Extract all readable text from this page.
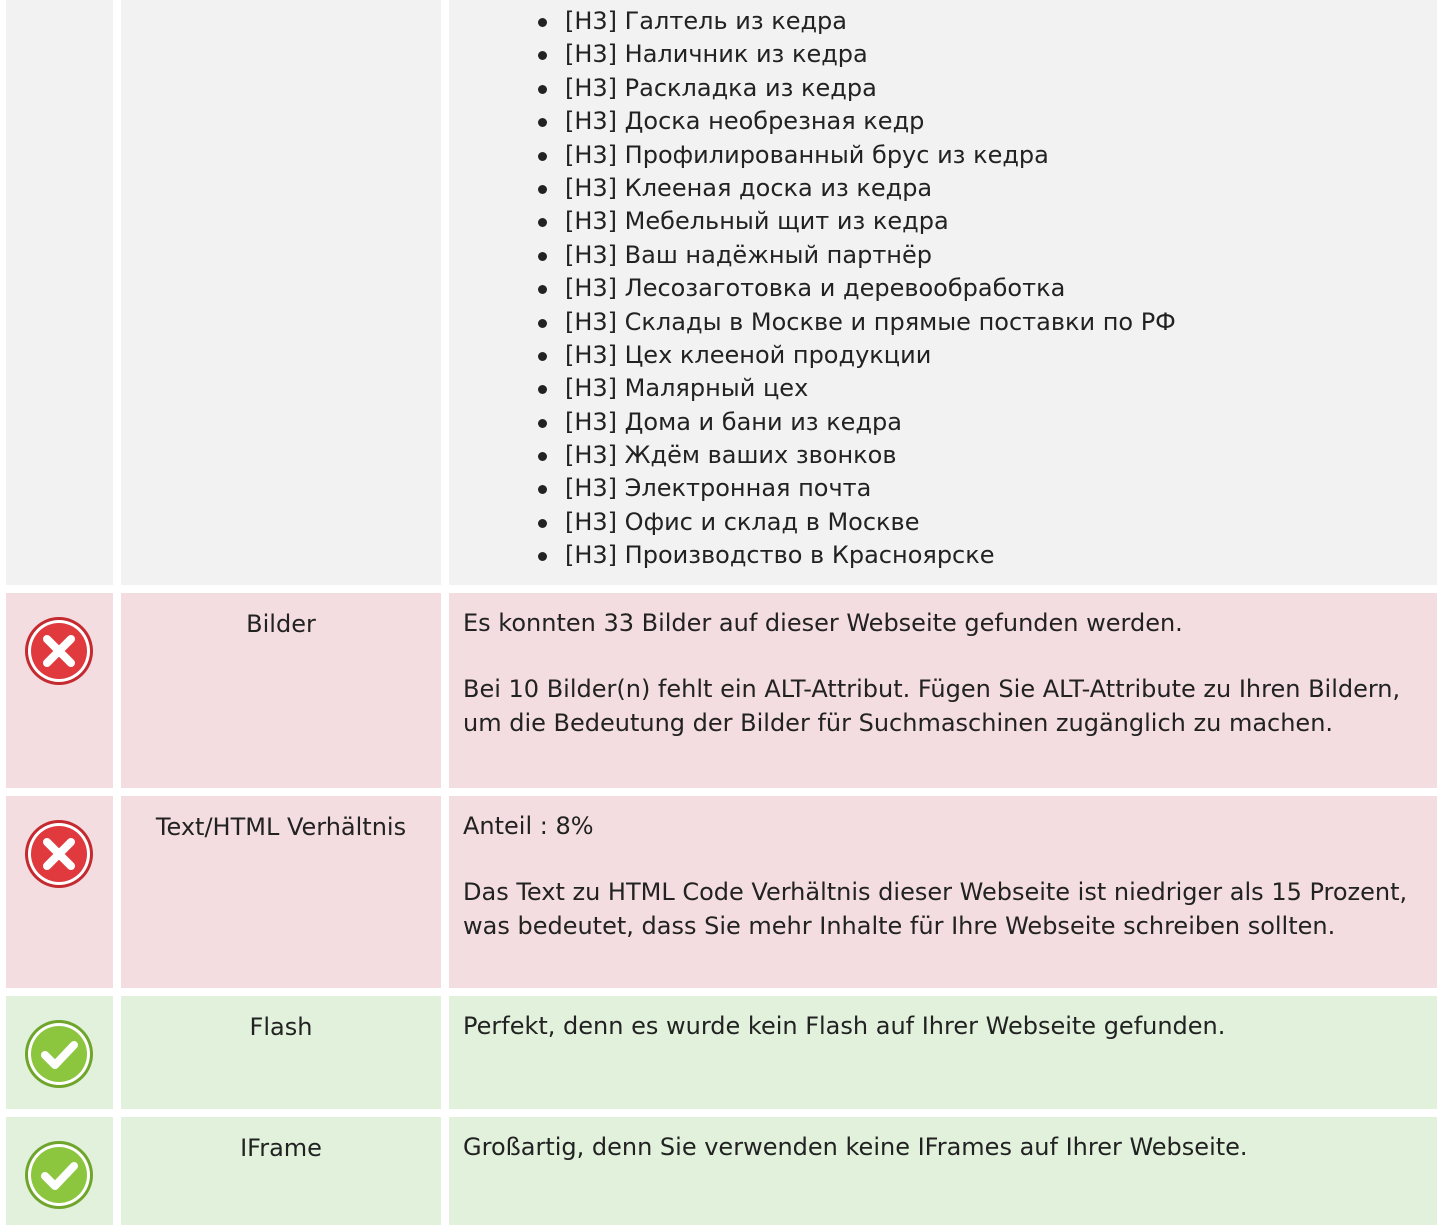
[H3] Галтель из кедра
[H3] Наличник из кедра
[H3] Раскладка из кедра
[H3] Доска необрезная кедр
[H3] Профилированный брус из кедра
[H3] Клееная доска из кедра
[H3] Мебельный щит из кедра
[H3] Ваш надёжный партнёр
[H3] Лесозаготовка и деревообработка
[H3] Склады в Москве и прямые поставки по РФ
[H3] Цех клееной продукции
[H3] Малярный цех
[H3] Дома и бани из кедра
[H3] Ждём ваших звонков
[H3] Электронная почта
[H3] Офис и склад в Москве
[H3] Производство в Красноярске
Bilder	Es konnten 33 Bilder auf dieser Webseite gefunden werden.

Bei 10 Bilder(n) fehlt ein ALT-Attribut. Fügen Sie ALT-Attribute zu Ihren Bildern, um die Bedeutung der Bilder für Suchmaschinen zugänglich zu machen.

Text/HTML Verhältnis	Anteil : 8%

Das Text zu HTML Code Verhältnis dieser Webseite ist niedriger als 15 Prozent, was bedeutet, dass Sie mehr Inhalte für Ihre Webseite schreiben sollten.

Flash	Perfekt, denn es wurde kein Flash auf Ihrer Webseite gefunden.

IFrame	Großartig, denn Sie verwenden keine IFrames auf Ihrer Webseite.
